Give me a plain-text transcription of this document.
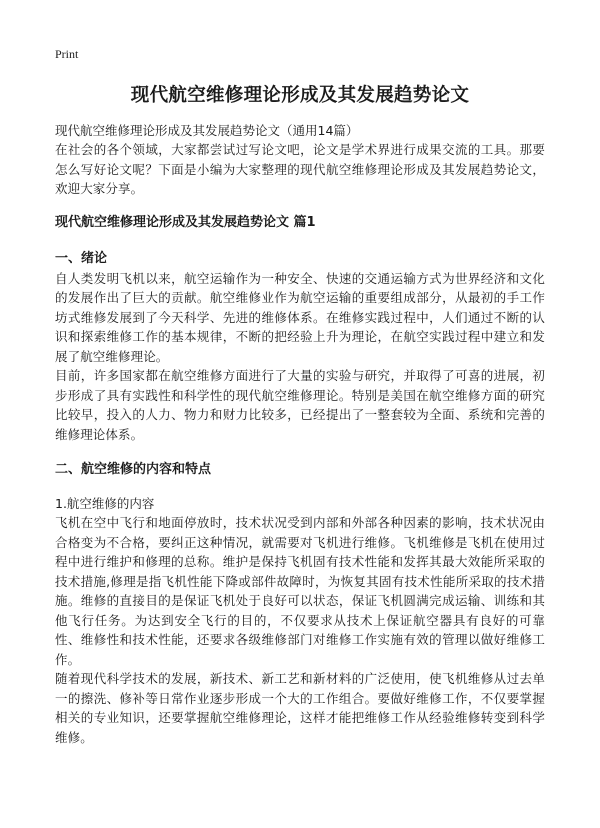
Print
现代航空维修理论形成及其发展趋势论文
现代航空维修理论形成及其发展趋势论文（通用14篇）

在社会的各个领域，大家都尝试过写论文吧，论文是学术界进行成果交流的工具。那要怎么写好论文呢？下面是小编为大家整理的现代航空维修理论形成及其发展趋势论文，欢迎大家分享。

现代航空维修理论形成及其发展趋势论文 篇1
一、绪论

自人类发明飞机以来，航空运输作为一种安全、快速的交通运输方式为世界经济和文化的发展作出了巨大的贡献。航空维修业作为航空运输的重要组成部分，从最初的手工作坊式维修发展到了今天科学、先进的维修体系。在维修实践过程中，人们通过不断的认识和探索维修工作的基本规律，不断的把经验上升为理论，在航空实践过程中建立和发展了航空维修理论。

目前，许多国家都在航空维修方面进行了大量的实验与研究，并取得了可喜的进展，初步形成了具有实践性和科学性的现代航空维修理论。特别是美国在航空维修方面的研究比较早，投入的人力、物力和财力比较多，已经提出了一整套较为全面、系统和完善的维修理论体系。

二、航空维修的内容和特点
1.航空维修的内容

飞机在空中飞行和地面停放时，技术状况受到内部和外部各种因素的影响，技术状况由合格变为不合格，要纠正这种情况，就需要对飞机进行维修。飞机维修是飞机在使用过程中进行维护和修理的总称。维护是保持飞机固有技术性能和发挥其最大效能所采取的技术措施,修理是指飞机性能下降或部件故障时，为恢复其固有技术性能所采取的技术措施。维修的直接目的是保证飞机处于良好可以状态，保证飞机圆满完成运输、训练和其他飞行任务。为达到安全飞行的目的，不仅要求从技术上保证航空器具有良好的可靠性、维修性和技术性能，还要求各级维修部门对维修工作实施有效的管理以做好维修工作。

随着现代科学技术的发展，新技术、新工艺和新材料的广泛使用，使飞机维修从过去单一的擦洗、修补等日常作业逐步形成一个大的工作组合。要做好维修工作，不仅要掌握相关的专业知识，还要掌握航空维修理论，这样才能把维修工作从经验维修转变到科学维修。
